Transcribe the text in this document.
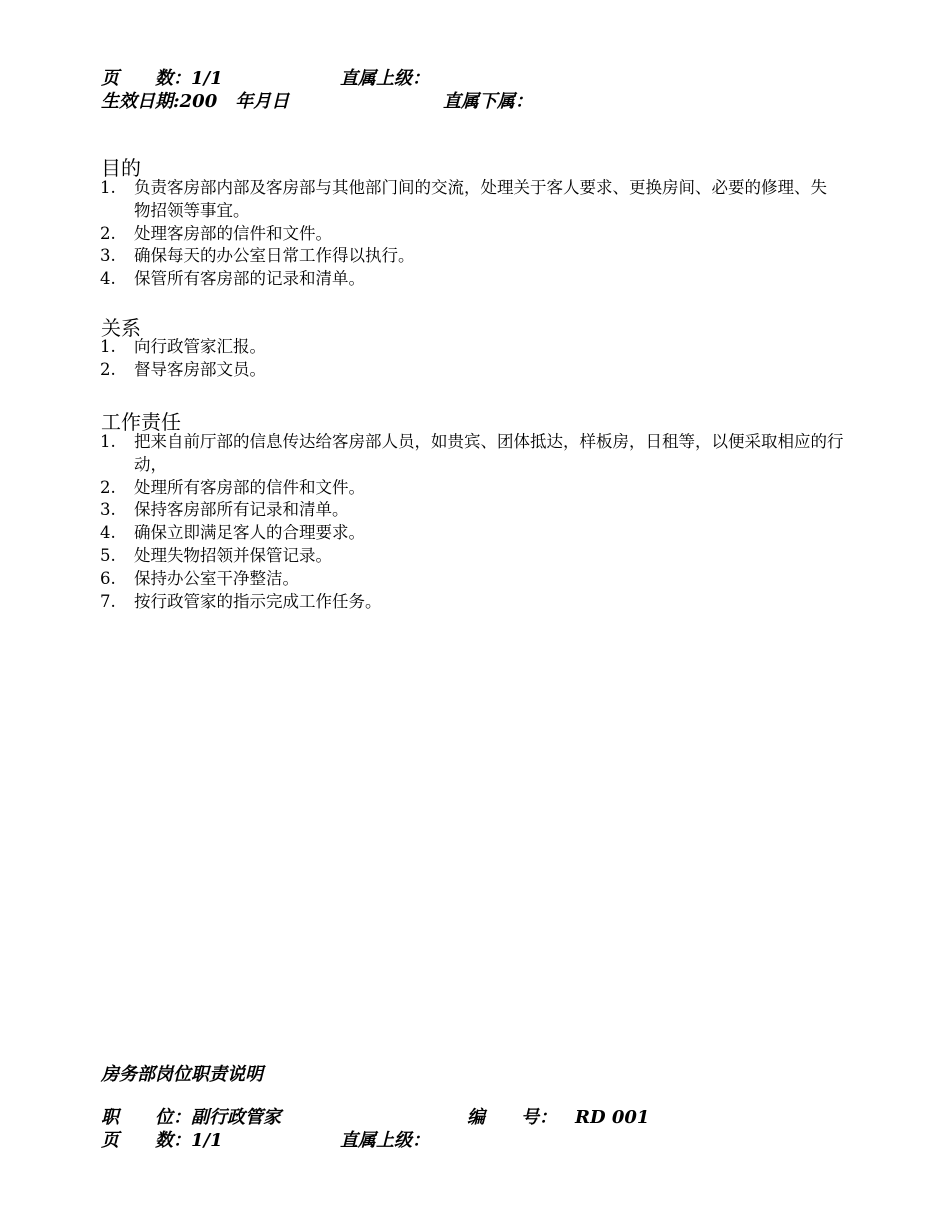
页　　数：1/1	直属上级：
生效日期:200　年月日	直属下属：
目的
1.	负责客房部内部及客房部与其他部门间的交流，处理关于客人要求、更换房间、必要的修理、失物招领等事宜。
2. 处理客房部的信件和文件。
3. 确保每天的办公室日常工作得以执行。
4. 保管所有客房部的记录和清单。
关系
1. 向行政管家汇报。
2. 督导客房部文员。
工作责任
1.	把来自前厅部的信息传达给客房部人员，如贵宾、团体抵达，样板房，日租等，以便采取相应的行动，
2. 处理所有客房部的信件和文件。
3. 保持客房部所有记录和清单。
4. 确保立即满足客人的合理要求。
5. 处理失物招领并保管记录。
6. 保持办公室干净整洁。
7. 按行政管家的指示完成工作任务。
房务部岗位职责说明
职　　位：副行政管家	编　　号：　RD 001
页　　数：1/1	直属上级：
